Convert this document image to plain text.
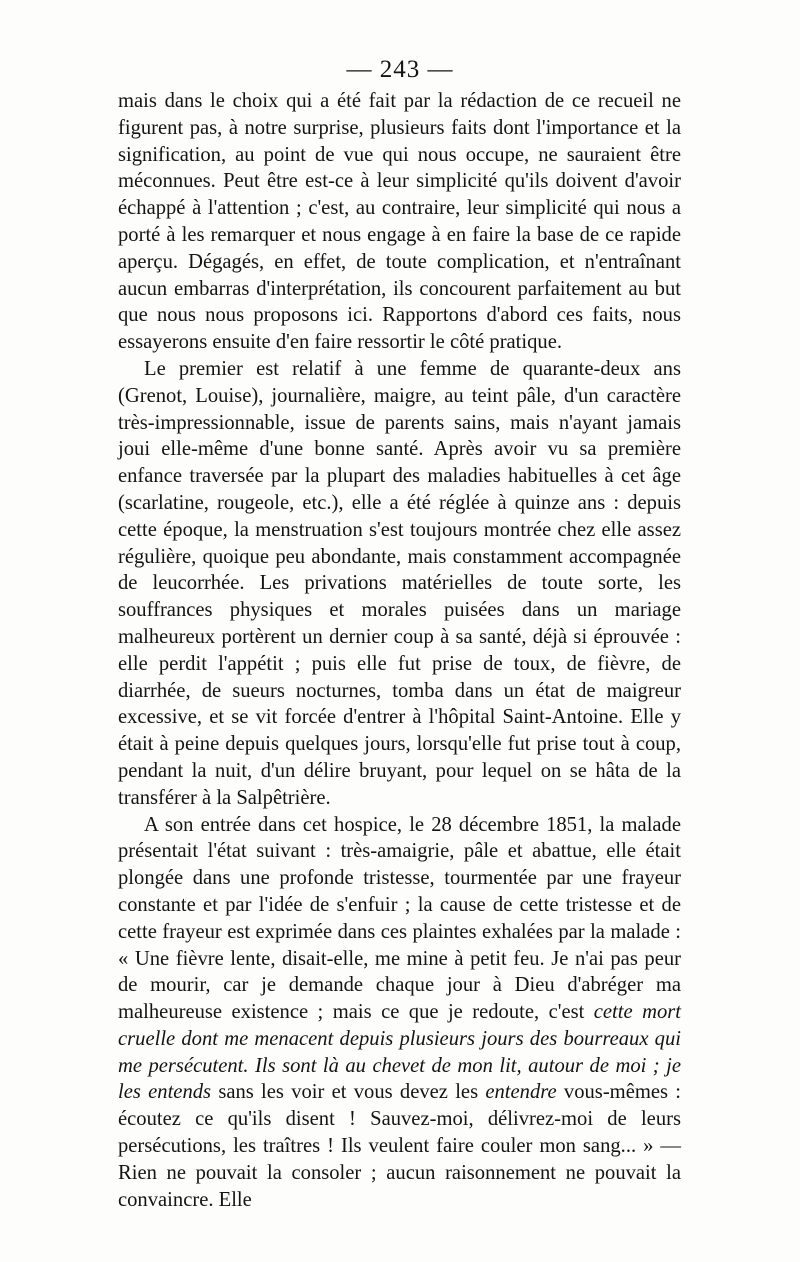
— 243 —

mais dans le choix qui a été fait par la rédaction de ce recueil ne figurent pas, à notre surprise, plusieurs faits dont l'importance et la signification, au point de vue qui nous occupe, ne sauraient être méconnues. Peut être est-ce à leur simplicité qu'ils doivent d'avoir échappé à l'attention ; c'est, au contraire, leur simplicité qui nous a porté à les remarquer et nous engage à en faire la base de ce rapide aperçu. Dégagés, en effet, de toute complication, et n'entraînant aucun embarras d'interprétation, ils concourent parfaitement au but que nous nous proposons ici. Rapportons d'abord ces faits, nous essayerons ensuite d'en faire ressortir le côté pratique.

Le premier est relatif à une femme de quarante-deux ans (Grenot, Louise), journalière, maigre, au teint pâle, d'un caractère très-impressionnable, issue de parents sains, mais n'ayant jamais joui elle-même d'une bonne santé. Après avoir vu sa première enfance traversée par la plupart des maladies habituelles à cet âge (scarlatine, rougeole, etc.), elle a été réglée à quinze ans : depuis cette époque, la menstruation s'est toujours montrée chez elle assez régulière, quoique peu abondante, mais constamment accompagnée de leucorrhée. Les privations matérielles de toute sorte, les souffrances physiques et morales puisées dans un mariage malheureux portèrent un dernier coup à sa santé, déjà si éprouvée : elle perdit l'appétit ; puis elle fut prise de toux, de fièvre, de diarrhée, de sueurs nocturnes, tomba dans un état de maigreur excessive, et se vit forcée d'entrer à l'hôpital Saint-Antoine. Elle y était à peine depuis quelques jours, lorsqu'elle fut prise tout à coup, pendant la nuit, d'un délire bruyant, pour lequel on se hâta de la transférer à la Salpêtrière.

A son entrée dans cet hospice, le 28 décembre 1851, la malade présentait l'état suivant : très-amaigrie, pâle et abattue, elle était plongée dans une profonde tristesse, tourmentée par une frayeur constante et par l'idée de s'enfuir ; la cause de cette tristesse et de cette frayeur est exprimée dans ces plaintes exhalées par la malade : « Une fièvre lente, disait-elle, me mine à petit feu. Je n'ai pas peur de mourir, car je demande chaque jour à Dieu d'abréger ma malheureuse existence ; mais ce que je redoute, c'est cette mort cruelle dont me menacent depuis plusieurs jours des bourreaux qui me persécutent. Ils sont là au chevet de mon lit, autour de moi ; je les entends sans les voir et vous devez les entendre vous-mêmes : écoutez ce qu'ils disent ! Sauvez-moi, délivrez-moi de leurs persécutions, les traîtres ! Ils veulent faire couler mon sang... » — Rien ne pouvait la consoler ; aucun raisonnement ne pouvait la convaincre. Elle
